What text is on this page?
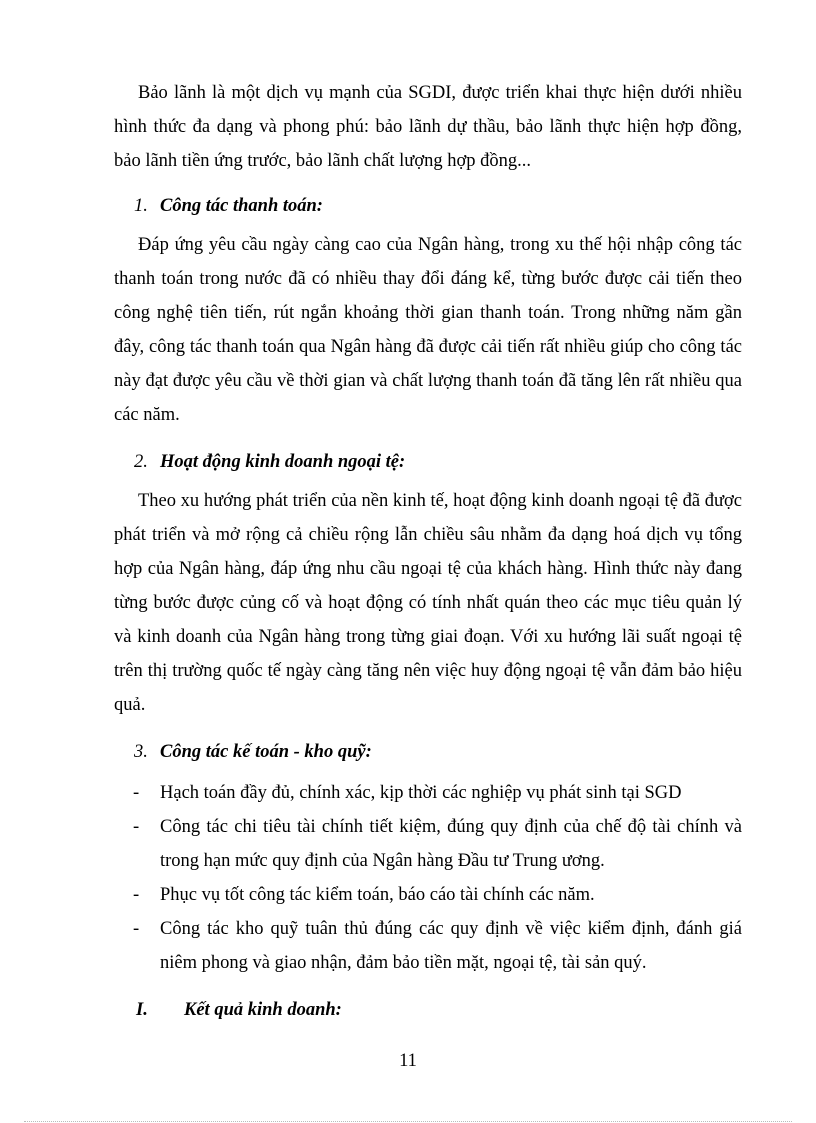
Bảo lãnh là một dịch vụ mạnh của SGDI, được triển khai thực hiện dưới nhiều hình thức đa dạng và phong phú: bảo lãnh dự thầu, bảo lãnh thực hiện hợp đồng, bảo lãnh tiền ứng trước, bảo lãnh chất lượng hợp đồng...

1. Công tác thanh toán:

Đáp ứng yêu cầu ngày càng cao của Ngân hàng, trong xu thế hội nhập công tác thanh toán trong nước đã có nhiều thay đổi đáng kể, từng bước được cải tiến theo công nghệ tiên tiến, rút ngắn khoảng thời gian thanh toán. Trong những năm gần đây, công tác thanh toán qua Ngân hàng đã được cải tiến rất nhiều giúp cho công tác này đạt được yêu cầu về thời gian và chất lượng thanh toán đã tăng lên rất nhiều qua các năm.

2. Hoạt động kinh doanh ngoại tệ:

Theo xu hướng phát triển của nền kinh tế, hoạt động kinh doanh ngoại tệ đã được phát triển và mở rộng cả chiều rộng lẫn chiều sâu nhằm đa dạng hoá dịch vụ tổng hợp của Ngân hàng, đáp ứng nhu cầu ngoại tệ của khách hàng. Hình thức này đang từng bước được củng cố và hoạt động có tính nhất quán theo các mục tiêu quản lý và kinh doanh của Ngân hàng trong từng giai đoạn. Với xu hướng lãi suất ngoại tệ trên thị trường quốc tế ngày càng tăng nên việc huy động ngoại tệ vẫn đảm bảo hiệu quả.

3. Công tác kế toán - kho quỹ:
-	Hạch toán đầy đủ, chính xác, kịp thời các nghiệp vụ phát sinh tại SGD
-	Công tác chi tiêu tài chính tiết kiệm, đúng quy định của chế độ tài chính và trong hạn mức quy định của Ngân hàng Đầu tư Trung ương.
-	Phục vụ tốt công tác kiểm toán, báo cáo tài chính các năm.
-	Công tác kho quỹ tuân thủ đúng các quy định về việc kiểm định, đánh giá niêm phong và giao nhận, đảm bảo tiền mặt, ngoại tệ, tài sản quý.
I. Kết quả kinh doanh:

11
